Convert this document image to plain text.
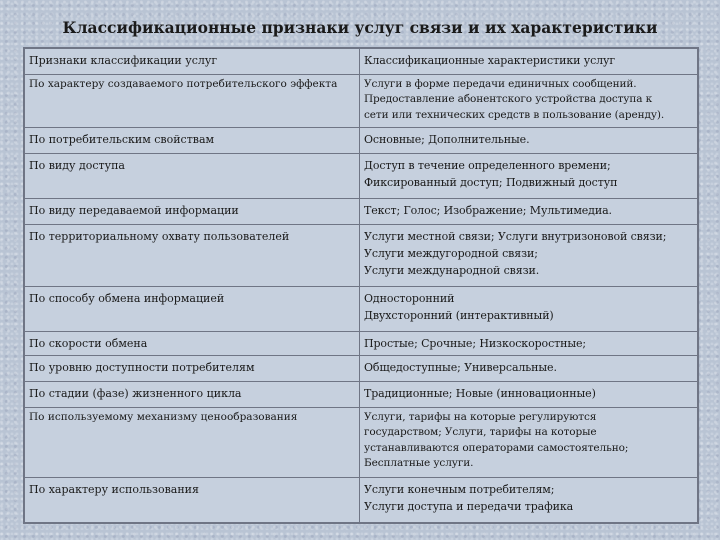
Классификационные признаки услуг связи и их характеристики
Признаки классификации услуг	Классификационные характеристики услуг

По характеру создаваемого потребительского эффекта	Услуги в форме передачи единичных сообщений.
Предоставление абонентского устройства доступа к
сети или технических средств в пользование (аренду).

По потребительским свойствам	Основные; Дополнительные.

По виду доступа	Доступ в течение определенного времени;
Фиксированный доступ; Подвижный доступ

По виду передаваемой информации	Текст; Голос; Изображение; Мультимедиа.

По территориальному охвату пользователей	Услуги местной связи; Услуги внутризоновой связи;
Услуги междугородной связи;
Услуги международной связи.

По способу обмена информацией	Односторонний
Двухсторонний (интерактивный)

По скорости обмена	Простые; Срочные; Низкоскоростные;

По уровню доступности потребителям	Общедоступные; Универсальные.

По стадии (фазе) жизненного цикла	Традиционные; Новые (инновационные)

По используемому механизму ценообразования	Услуги, тарифы на которые регулируются
государством; Услуги, тарифы на которые
устанавливаются операторами самостоятельно;
Бесплатные услуги.

По характеру использования	Услуги конечным потребителям;
Услуги доступа и передачи трафика
